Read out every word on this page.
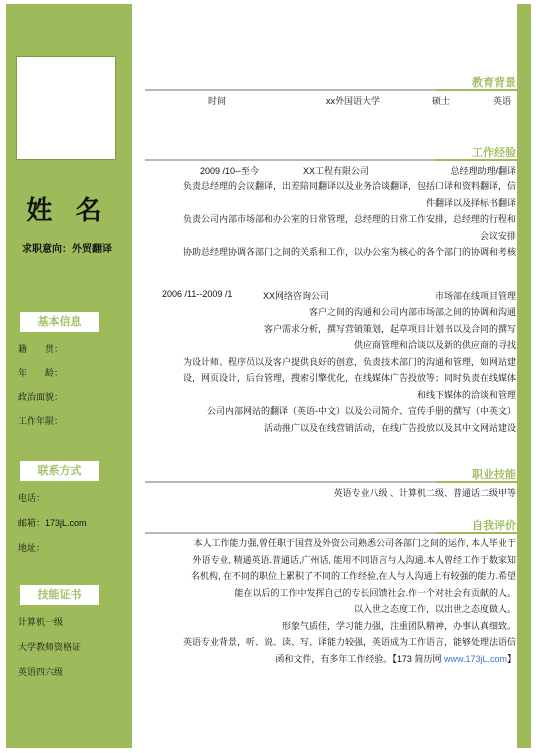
姓 名
求职意向：外贸翻译
基本信息
籍　　贯：
年　　龄：
政治面貌：
工作年限：
联系方式
电话：
邮箱：173jL.com
地址：
技能证书
计算机一级
大学教师资格证
英语四六级
教育背景
时间	xx外国语大学	硕士	英语
工作经验
2009 /10--至今	XX工程有限公司	总经理助理/翻译
负责总经理的会议翻译，出差陪同翻译以及业务洽谈翻译，包括口译和资料翻译，信
件翻译以及择标书翻译
负责公司内部市场部和办公室的日常管理，总经理的日常工作安排，总经理的行程和
会议安排
协助总经理协调各部门之间的关系和工作，以办公室为核心的各个部门的协调和考核
2006 /11--2009 /1	XX网络咨询公司	市场部在线项目管理
客户之间的沟通和公司内部市场部之间的协调和沟通
客户需求分析，撰写营销策划，起草项目计划书以及合同的撰写
供应商管理和洽谈以及新的供应商的寻找
为设计师、程序员以及客户提供良好的创意，负责技术部门的沟通和管理，如网站建
设，网页设计，后台管理，搜索引擎优化，在线媒体广告投放等；同时负责在线媒体
和线下媒体的洽谈和管理
公司内部网站的翻译（英语-中文）以及公司简介、宣传手册的撰写（中英文）
活动推广以及在线营销活动，在线广告投放以及其中文网站建设
职业技能
英语专业八级 、计算机二级、普通话二级甲等
自我评价
本人工作能力强,曾任职于国营及外资公司熟悉公司各部门之间的运作, 本人毕业于
外语专业, 精通英语.普通话,广州话, 能用不同语言与人沟通.本人曾经工作于数家知
名机构, 在不同的职位上累积了不同的工作经验,在人与人沟通上有较强的能力.希望
能在以后的工作中发挥自己的专长回馈社会.作一个对社会有贡献的人。
以入世之态度工作，以出世之态度做人。
形象气质佳，学习能力强，注重团队精神，办事认真细致。
英语专业背景，听、说、读、写、译能力较强，英语成为工作语言，能够处理法语信
函和文件，有多年工作经验。【173 简历网 www.173jL.com】
